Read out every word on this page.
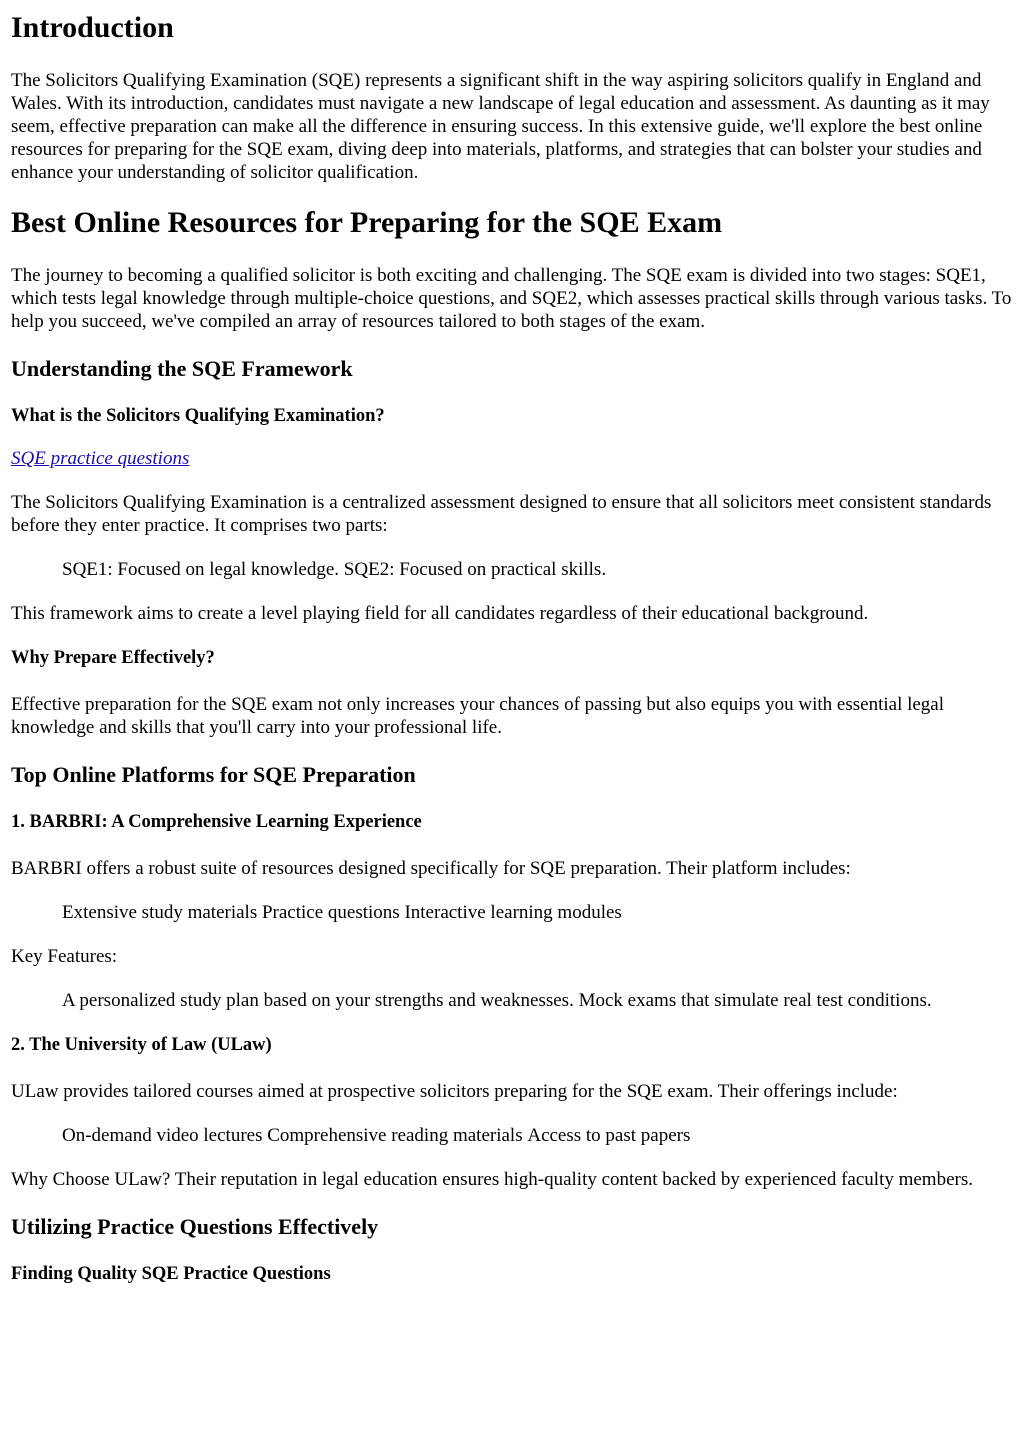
Introduction

The Solicitors Qualifying Examination (SQE) represents a significant shift in the way aspiring solicitors qualify in England and Wales. With its introduction, candidates must navigate a new landscape of legal education and assessment. As daunting as it may seem, effective preparation can make all the difference in ensuring success. In this extensive guide, we'll explore the best online resources for preparing for the SQE exam, diving deep into materials, platforms, and strategies that can bolster your studies and enhance your understanding of solicitor qualification.

Best Online Resources for Preparing for the SQE Exam

The journey to becoming a qualified solicitor is both exciting and challenging. The SQE exam is divided into two stages: SQE1, which tests legal knowledge through multiple-choice questions, and SQE2, which assesses practical skills through various tasks. To help you succeed, we've compiled an array of resources tailored to both stages of the exam.

Understanding the SQE Framework
What is the Solicitors Qualifying Examination?

SQE practice questions

The Solicitors Qualifying Examination is a centralized assessment designed to ensure that all solicitors meet consistent standards before they enter practice. It comprises two parts:

SQE1: Focused on legal knowledge. SQE2: Focused on practical skills.

This framework aims to create a level playing field for all candidates regardless of their educational background.

Why Prepare Effectively?

Effective preparation for the SQE exam not only increases your chances of passing but also equips you with essential legal knowledge and skills that you'll carry into your professional life.

Top Online Platforms for SQE Preparation
1. BARBRI: A Comprehensive Learning Experience

BARBRI offers a robust suite of resources designed specifically for SQE preparation. Their platform includes:

Extensive study materials Practice questions Interactive learning modules

Key Features:

A personalized study plan based on your strengths and weaknesses. Mock exams that simulate real test conditions.
2. The University of Law (ULaw)

ULaw provides tailored courses aimed at prospective solicitors preparing for the SQE exam. Their offerings include:

On-demand video lectures Comprehensive reading materials Access to past papers

Why Choose ULaw? Their reputation in legal education ensures high-quality content backed by experienced faculty members.

Utilizing Practice Questions Effectively
Finding Quality SQE Practice Questions
